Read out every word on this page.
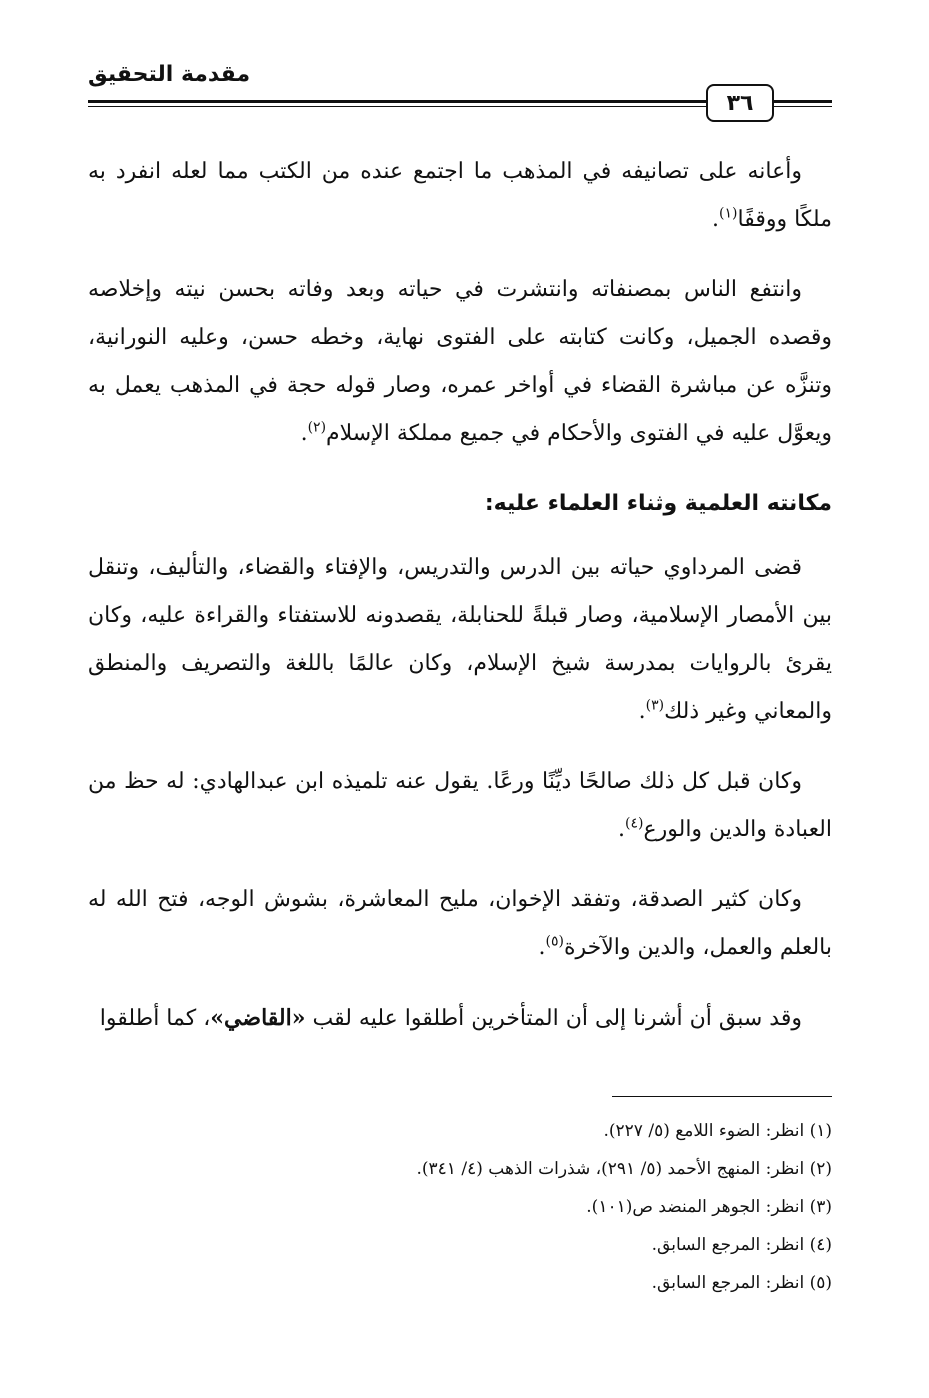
مقدمة التحقيق
٣٦

وأعانه على تصانيفه في المذهب ما اجتمع عنده من الكتب مما لعله انفرد به ملكًا ووقفًا$^{(١)}$.

وانتفع الناس بمصنفاته وانتشرت في حياته وبعد وفاته بحسن نيته وإخلاصه وقصده الجميل، وكانت كتابته على الفتوى نهاية، وخطه حسن، وعليه النورانية، وتنزَّه عن مباشرة القضاء في أواخر عمره، وصار قوله حجة في المذهب يعمل به ويعوَّل عليه في الفتوى والأحكام في جميع مملكة الإسلام$^{(٢)}$.

مكانته العلمية وثناء العلماء عليه:

قضى المرداوي حياته بين الدرس والتدريس، والإفتاء والقضاء، والتأليف، وتنقل بين الأمصار الإسلامية، وصار قبلةً للحنابلة، يقصدونه للاستفتاء والقراءة عليه، وكان يقرئ بالروايات بمدرسة شيخ الإسلام، وكان عالمًا باللغة والتصريف والمنطق والمعاني وغير ذلك$^{(٣)}$.

وكان قبل كل ذلك صالحًا ديِّنًا ورعًا. يقول عنه تلميذه ابن عبدالهادي: له حظ من العبادة والدين والورع$^{(٤)}$.

وكان كثير الصدقة، وتفقد الإخوان، مليح المعاشرة، بشوش الوجه، فتح الله له بالعلم والعمل، والدين والآخرة$^{(٥)}$.

وقد سبق أن أشرنا إلى أن المتأخرين أطلقوا عليه لقب «القاضي»، كما أطلقوا

(١) انظر: الضوء اللامع (٥/ ٢٢٧).

(٢) انظر: المنهج الأحمد (٥/ ٢٩١)، شذرات الذهب (٤/ ٣٤١).

(٣) انظر: الجوهر المنضد ص(١٠١).

(٤) انظر: المرجع السابق.

(٥) انظر: المرجع السابق.
